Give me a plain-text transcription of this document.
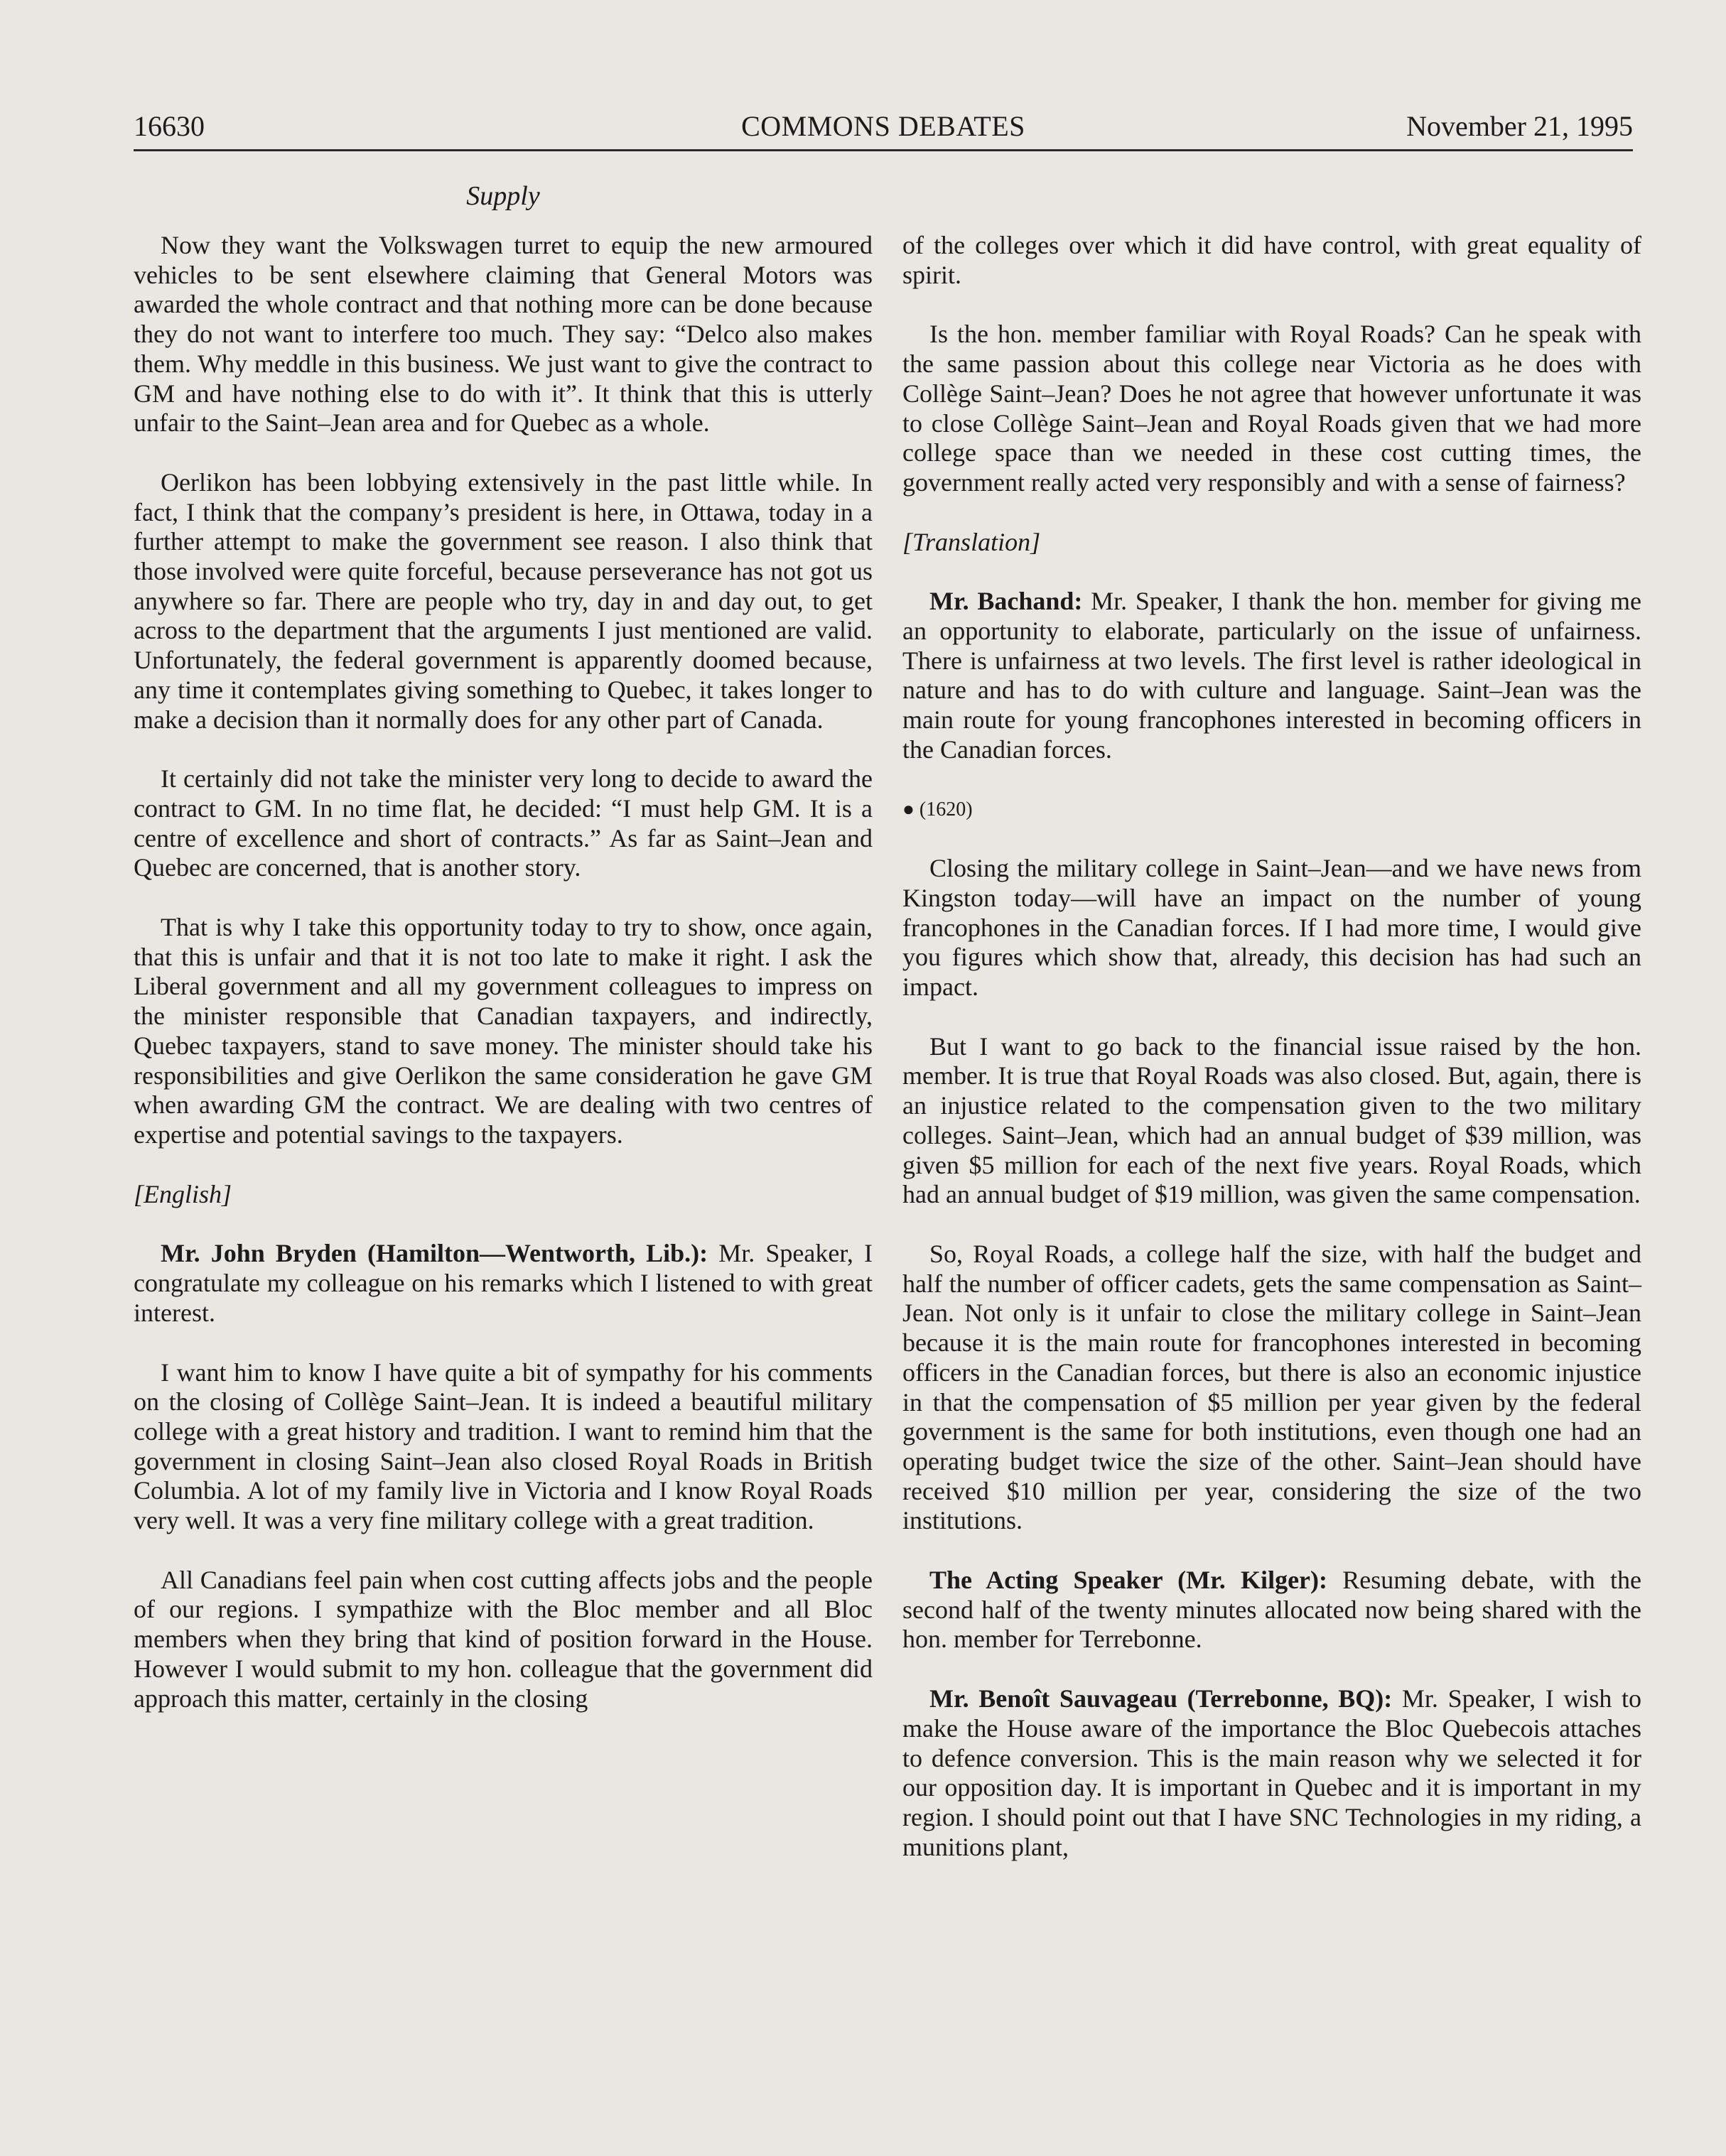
16630	COMMONS DEBATES	November 21, 1995
Supply

Now they want the Volkswagen turret to equip the new armoured vehicles to be sent elsewhere claiming that General Motors was awarded the whole contract and that nothing more can be done because they do not want to interfere too much. They say: “Delco also makes them. Why meddle in this business. We just want to give the contract to GM and have nothing else to do with it”. It think that this is utterly unfair to the Saint–Jean area and for Quebec as a whole.

Oerlikon has been lobbying extensively in the past little while. In fact, I think that the company’s president is here, in Ottawa, today in a further attempt to make the government see reason. I also think that those involved were quite forceful, because perseverance has not got us anywhere so far. There are people who try, day in and day out, to get across to the department that the arguments I just mentioned are valid. Unfortunately, the federal government is apparently doomed because, any time it contemplates giving something to Quebec, it takes longer to make a decision than it normally does for any other part of Canada.

It certainly did not take the minister very long to decide to award the contract to GM. In no time flat, he decided: “I must help GM. It is a centre of excellence and short of contracts.” As far as Saint–Jean and Quebec are concerned, that is another story.

That is why I take this opportunity today to try to show, once again, that this is unfair and that it is not too late to make it right. I ask the Liberal government and all my government colleagues to impress on the minister responsible that Canadian taxpayers, and indirectly, Quebec taxpayers, stand to save money. The minister should take his responsibilities and give Oerlikon the same consideration he gave GM when awarding GM the contract. We are dealing with two centres of expertise and potential savings to the taxpayers.

[English]

Mr. John Bryden (Hamilton—Wentworth, Lib.): Mr. Speaker, I congratulate my colleague on his remarks which I listened to with great interest.

I want him to know I have quite a bit of sympathy for his comments on the closing of Collège Saint–Jean. It is indeed a beautiful military college with a great history and tradition. I want to remind him that the government in closing Saint–Jean also closed Royal Roads in British Columbia. A lot of my family live in Victoria and I know Royal Roads very well. It was a very fine military college with a great tradition.

All Canadians feel pain when cost cutting affects jobs and the people of our regions. I sympathize with the Bloc member and all Bloc members when they bring that kind of position forward in the House. However I would submit to my hon. colleague that the government did approach this matter, certainly in the closing

of the colleges over which it did have control, with great equality of spirit.

Is the hon. member familiar with Royal Roads? Can he speak with the same passion about this college near Victoria as he does with Collège Saint–Jean? Does he not agree that however unfortunate it was to close Collège Saint–Jean and Royal Roads given that we had more college space than we needed in these cost cutting times, the government really acted very responsibly and with a sense of fairness?

[Translation]

Mr. Bachand: Mr. Speaker, I thank the hon. member for giving me an opportunity to elaborate, particularly on the issue of unfairness. There is unfairness at two levels. The first level is rather ideological in nature and has to do with culture and language. Saint–Jean was the main route for young francophones interested in becoming officers in the Canadian forces.

● (1620)

Closing the military college in Saint–Jean—and we have news from Kingston today—will have an impact on the number of young francophones in the Canadian forces. If I had more time, I would give you figures which show that, already, this decision has had such an impact.

But I want to go back to the financial issue raised by the hon. member. It is true that Royal Roads was also closed. But, again, there is an injustice related to the compensation given to the two military colleges. Saint–Jean, which had an annual budget of $39 million, was given $5 million for each of the next five years. Royal Roads, which had an annual budget of $19 million, was given the same compensation.

So, Royal Roads, a college half the size, with half the budget and half the number of officer cadets, gets the same compensation as Saint–Jean. Not only is it unfair to close the military college in Saint–Jean because it is the main route for francophones interested in becoming officers in the Canadian forces, but there is also an economic injustice in that the compensation of $5 million per year given by the federal government is the same for both institutions, even though one had an operating budget twice the size of the other. Saint–Jean should have received $10 million per year, considering the size of the two institutions.

The Acting Speaker (Mr. Kilger): Resuming debate, with the second half of the twenty minutes allocated now being shared with the hon. member for Terrebonne.

Mr. Benoît Sauvageau (Terrebonne, BQ): Mr. Speaker, I wish to make the House aware of the importance the Bloc Quebecois attaches to defence conversion. This is the main reason why we selected it for our opposition day. It is important in Quebec and it is important in my region. I should point out that I have SNC Technologies in my riding, a munitions plant,
